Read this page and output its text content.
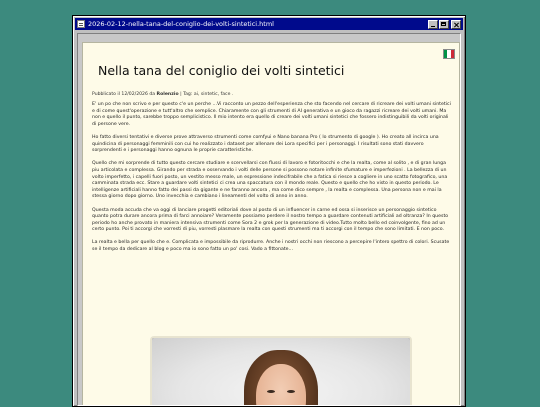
2026-02-12-nella-tana-del-coniglio-dei-volti-sintetici.html
Nella tana del coniglio dei volti sintetici
Pubblicato il 12/02/2026 da Rolenzio | Tag: ai, sintetic, face .

E' un po che non scrivo e per questo c'e un perche ...Vi racconto un pezzo dell'esperienza che sto facendo nel cercare di ricreare dei volti umani sintetici e di come quest'operazione e tutt'altro che semplice. Chiaramente con gli strumenti di AI generativa e un gioco da ragazzi ricreare dei volti umani. Ma non e quello il punto, sarebbe troppo semplicistico. Il mio intento era quello di creare dei volti umani sintetici che fossero indistinguibili da volti originali di persone vere.

Ho fatto diversi tentativi e diverse prove attraverso strumenti come comfyui e Nano banana Pro ( lo strumento di google ). Ho creato all incirca una quindicina di personaggi femminili con cui ho realizzato i dataset per allenare dei Lora specifici per i personaggi. I risultati sono stati davvero sorprendenti e i personaggi hanno ognuna le proprie caratteristiche.

Quello che mi sorprende di tutto questo cercare studiare e scervellarsi con flussi di lavoro e fotoritocchi e che la realta, come al solito , e di gran lunga piu articolata e complessa. Girando per strada e osservando i volti delle persone si possono notare infinite sfumature e imperfezioni . La bellezza di un volto imperfetto, i capelli fuori posto, un vestito messo male, un espressione indecifrabile che a fatica si riesce a cogliere in uno scatto fotografico, una camminata strada ecc. Stare a guardare volti sintetici ci crea una spaccatura con il mondo reale. Questo e quello che ho visto in questo periodo. Le intelligenze artificiali hanno fatto dei passi da gigante e ne faranno ancora , ma come dico sempre , la realta e complessa. Una persona non e mai la stessa giorno dopo giorno. Uno invecchia e cambiano i lineamenti del volto di anno in anno.

Questa moda accuda che va oggi di lanciare progetti editoriali dove al posto di un influencer in carne ed ossa si inserisce un personaggio sintetico quanto potra durare ancora prima di farci annoiare? Veramente possiamo perdere il nostro tempo a guardare contenuti artificiali ad oltranza? In questo periodo ho anche provato in maniera intensiva strumenti come Sora 2 e grok per la generazione di video.Tutto molto bello ed coinvolgente, fino ad un certo punto. Poi ti accorgi che vorresti di piu, vorresti plasmare la realta con questi strumenti ma ti accorgi con il tempo che sono limitati. E non poco.

La realta e bella per quello che e. Complicata e impossibile da riprodurre. Anche i nostri occhi non riescono a percepire l'intero spettro di colori. Scusate se il tempo da dedicare al blog e poco ma io sono fatto un po' cosi. Vado a fittonate...
